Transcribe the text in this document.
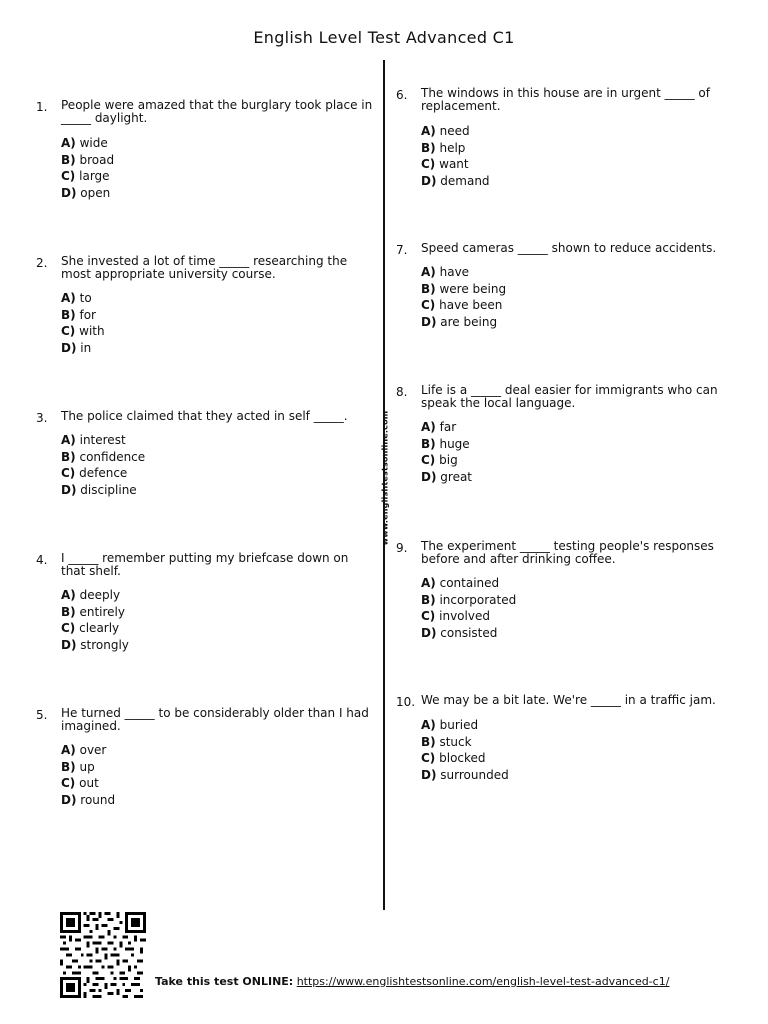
English Level Test Advanced C1
www.englishtestsonline.com
1. People were amazed that the burglary took place in _____ daylight.
A) wide
B) broad
C) large
D) open
2. She invested a lot of time _____ researching the most appropriate university course.
A) to
B) for
C) with
D) in
3. The police claimed that they acted in self _____.
A) interest
B) confidence
C) defence
D) discipline
4. I _____ remember putting my briefcase down on that shelf.
A) deeply
B) entirely
C) clearly
D) strongly
5. He turned _____ to be considerably older than I had imagined.
A) over
B) up
C) out
D) round
6. The windows in this house are in urgent _____ of replacement.
A) need
B) help
C) want
D) demand
7. Speed cameras _____ shown to reduce accidents.
A) have
B) were being
C) have been
D) are being
8. Life is a _____ deal easier for immigrants who can speak the local language.
A) far
B) huge
C) big
D) great
9. The experiment _____ testing people's responses before and after drinking coffee.
A) contained
B) incorporated
C) involved
D) consisted
10. We may be a bit late. We're _____ in a traffic jam.
A) buried
B) stuck
C) blocked
D) surrounded
Take this test ONLINE: https://www.englishtestsonline.com/english-level-test-advanced-c1/
